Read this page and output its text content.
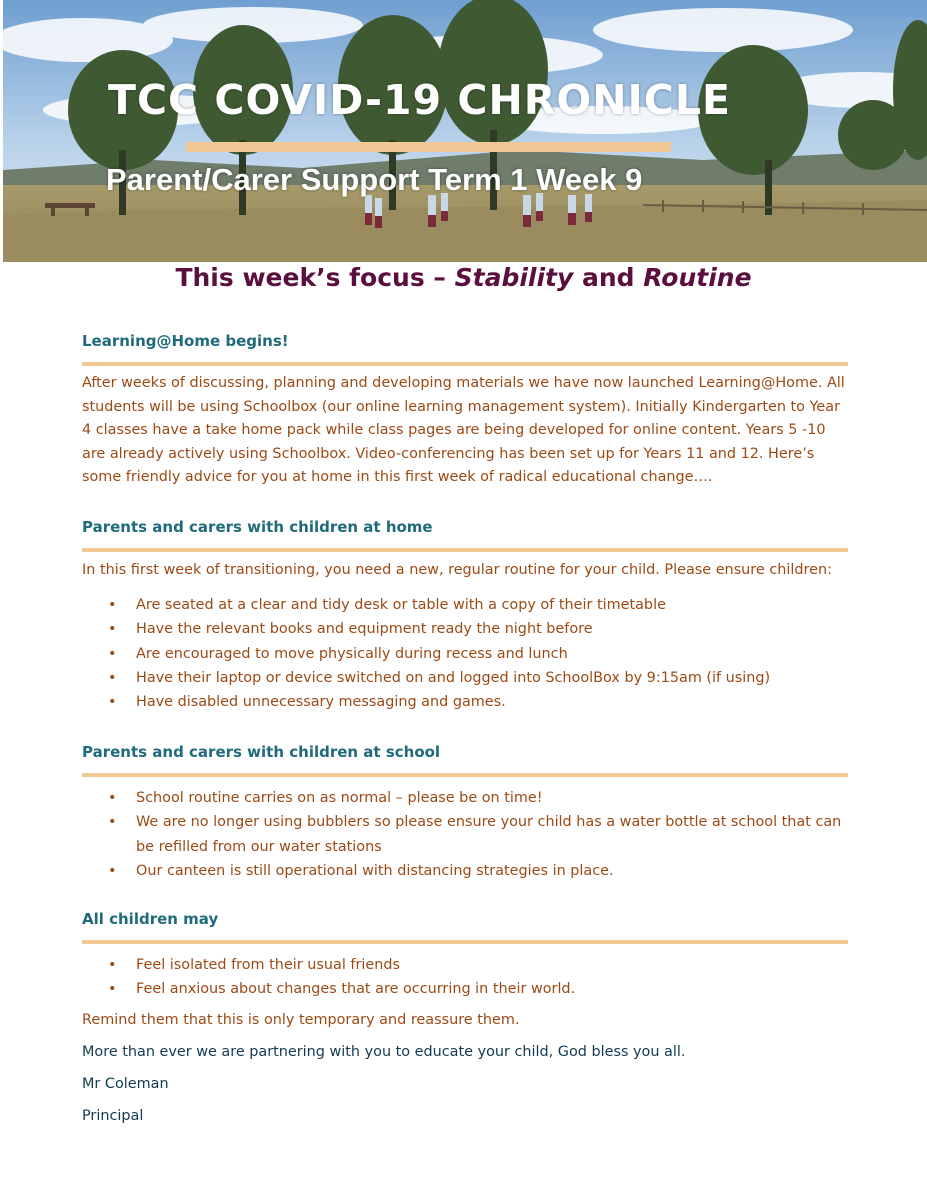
TCC COVID-19 CHRONICLE
Parent/Carer Support Term 1 Week 9
This week’s focus – Stability and Routine
Learning@Home begins!

After weeks of discussing, planning and developing materials we have now launched Learning@Home. All students will be using Schoolbox (our online learning management system). Initially Kindergarten to Year 4 classes have a take home pack while class pages are being developed for online content. Years 5 -10 are already actively using Schoolbox. Video-conferencing has been set up for Years 11 and 12. Here’s some friendly advice for you at home in this first week of radical educational change….

Parents and carers with children at home

In this first week of transitioning, you need a new, regular routine for your child. Please ensure children:

• Are seated at a clear and tidy desk or table with a copy of their timetable
• Have the relevant books and equipment ready the night before
• Are encouraged to move physically during recess and lunch
• Have their laptop or device switched on and logged into SchoolBox by 9:15am (if using)
• Have disabled unnecessary messaging and games.
Parents and carers with children at school
• School routine carries on as normal – please be on time!
• We are no longer using bubblers so please ensure your child has a water bottle at school that can be refilled from our water stations
• Our canteen is still operational with distancing strategies in place.
All children may
• Feel isolated from their usual friends
• Feel anxious about changes that are occurring in their world.

Remind them that this is only temporary and reassure them.

More than ever we are partnering with you to educate your child, God bless you all.

Mr Coleman

Principal
